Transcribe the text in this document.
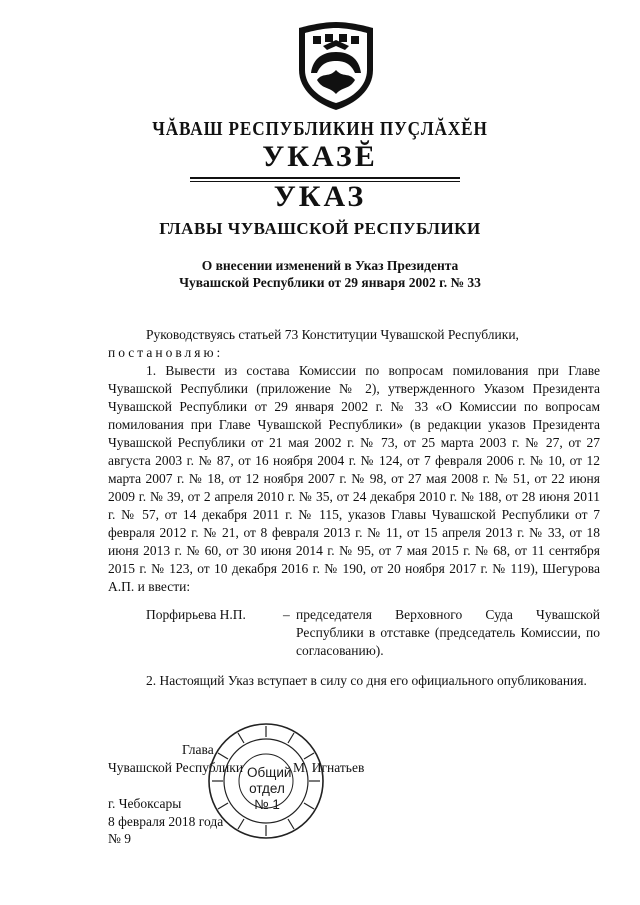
ЧĂВАШ РЕСПУБЛИКИН ПУÇЛĂХĔН
УКАЗĔ
УКАЗ
ГЛАВЫ ЧУВАШСКОЙ РЕСПУБЛИКИ
О внесении изменений в Указ Президента
Чувашской Республики от 29 января 2002 г. № 33

Руководствуясь статьей 73 Конституции Чувашской Республики,

постановляю:

1. Вывести из состава Комиссии по вопросам помилования при Главе Чувашской Республики (приложение № 2), утвержденного Указом Президента Чувашской Республики от 29 января 2002 г. № 33 «О Комиссии по вопросам помилования при Главе Чувашской Республики» (в редакции указов Президента Чувашской Республики от 21 мая 2002 г. № 73, от 25 марта 2003 г. № 27, от 27 августа 2003 г. № 87, от 16 ноября 2004 г. № 124, от 7 февраля 2006 г. № 10, от 12 марта 2007 г. № 18, от 12 ноября 2007 г. № 98, от 27 мая 2008 г. № 51, от 22 июня 2009 г. № 39, от 2 апреля 2010 г. № 35, от 24 декабря 2010 г. № 188, от 28 июня 2011 г. № 57, от 14 декабря 2011 г. № 115, указов Главы Чувашской Республики от 7 февраля 2012 г. № 21, от 8 февраля 2013 г. № 11, от 15 апреля 2013 г. № 33, от 18 июня 2013 г. № 60, от 30 июня 2014 г. № 95, от 7 мая 2015 г. № 68, от 11 сентября 2015 г. № 123, от 10 декабря 2016 г. № 190, от 20 ноября 2017 г. № 119), Шегурова А.П. и ввести:

Порфирьева Н.П.	– председателя Верховного Суда Чувашской Республики в отставке (председатель Комиссии, по согласованию).

2. Настоящий Указ вступает в силу со дня его официального опубликования.

Глава
Чувашской Республики	М. Игнатьев
г. Чебоксары
8 февраля 2018 года
№ 9
Общий
отдел
№ 1
